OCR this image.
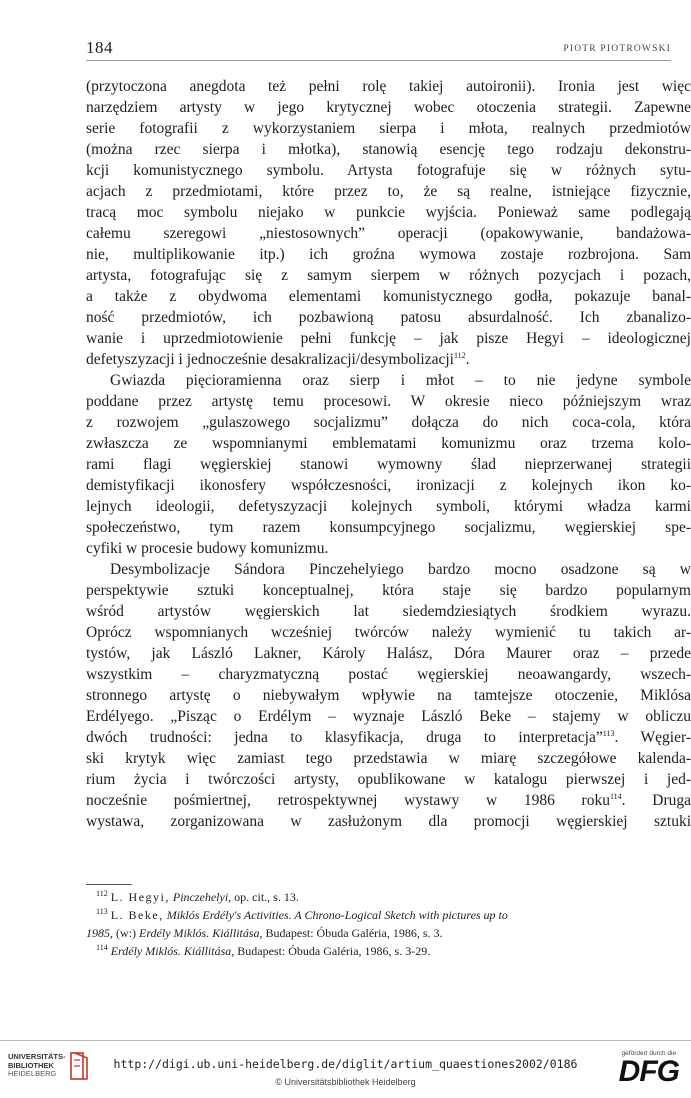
184	PIOTR PIOTROWSKI
(przytoczona anegdota też pełni rolę takiej autoironii). Ironia jest więc
narzędziem artysty w jego krytycznej wobec otoczenia strategii. Zapewne
serie fotografii z wykorzystaniem sierpa i młota, realnych przedmiotów
(można rzec sierpa i młotka), stanowią esencję tego rodzaju dekonstru-
kcji komunistycznego symbolu. Artysta fotografuje się w różnych sytu-
acjach z przedmiotami, które przez to, że są realne, istniejące fizycznie,
tracą moc symbolu niejako w punkcie wyjścia. Ponieważ same podlegają
całemu szeregowi „niestosownych” operacji (opakowywanie, bandażowa-
nie, multiplikowanie itp.) ich groźna wymowa zostaje rozbrojona. Sam
artysta, fotografując się z samym sierpem w różnych pozycjach i pozach,
a także z obydwoma elementami komunistycznego godła, pokazuje banal-
ność przedmiotów, ich pozbawioną patosu absurdalność. Ich zbanalizo-
wanie i uprzedmiotowienie pełni funkcję – jak pisze Hegyi – ideologicznej
defetyszyzacji i jednocześnie desakralizacji/desymbolizacji$^{112}$.
Gwiazda pięcioramienna oraz sierp i młot – to nie jedyne symbole
poddane przez artystę temu procesowi. W okresie nieco późniejszym wraz
z rozwojem „gulaszowego socjalizmu” dołącza do nich coca-cola, która
zwłaszcza ze wspomnianymi emblematami komunizmu oraz trzema kolo-
rami flagi węgierskiej stanowi wymowny ślad nieprzerwanej strategii
demistyfikacji ikonosfery współczesności, ironizacji z kolejnych ikon ko-
lejnych ideologii, defetyszyzacji kolejnych symboli, którymi władza karmi
społeczeństwo, tym razem konsumpcyjnego socjalizmu, węgierskiej spe-
cyfiki w procesie budowy komunizmu.
Desymbolizacje Sándora Pinczehelyiego bardzo mocno osadzone są w
perspektywie sztuki konceptualnej, która staje się bardzo popularnym
wśród artystów węgierskich lat siedemdziesiątych środkiem wyrazu.
Oprócz wspomnianych wcześniej twórców należy wymienić tu takich ar-
tystów, jak László Lakner, Károly Halász, Dóra Maurer oraz – przede
wszystkim – charyzmatyczną postać węgierskiej neoawangardy, wszech-
stronnego artystę o niebywałym wpływie na tamtejsze otoczenie, Miklósa
Erdélyego. „Pisząc o Erdélym – wyznaje László Beke – stajemy w obliczu
dwóch trudności: jedna to klasyfikacja, druga to interpretacja”$^{113}$. Węgier-
ski krytyk więc zamiast tego przedstawia w miarę szczegółowe kalenda-
rium życia i twórczości artysty, opublikowane w katalogu pierwszej i jed-
nocześnie pośmiertnej, retrospektywnej wystawy w 1986 roku$^{114}$. Druga
wystawa, zorganizowana w zasłużonym dla promocji węgierskiej sztuki
$^{112}$ L. Hegyi, Pinczehelyi, op. cit., s. 13.
$^{113}$ L. Beke, Miklós Erdély's Activities. A Chrono-Logical Sketch with pictures up to
1985, (w:) Erdély Miklós. Kiállitása, Budapest: Óbuda Galéria, 1986, s. 3.
$^{114}$ Erdély Miklós. Kiállitása, Budapest: Óbuda Galéria, 1986, s. 3-29.
UNIVERSITÄTS-
BIBLIOTHEK
HEIDELBERG
http://digi.ub.uni-heidelberg.de/diglit/artium_quaestiones2002/0186
© Universitätsbibliothek Heidelberg
gefördert durch die
DFG
